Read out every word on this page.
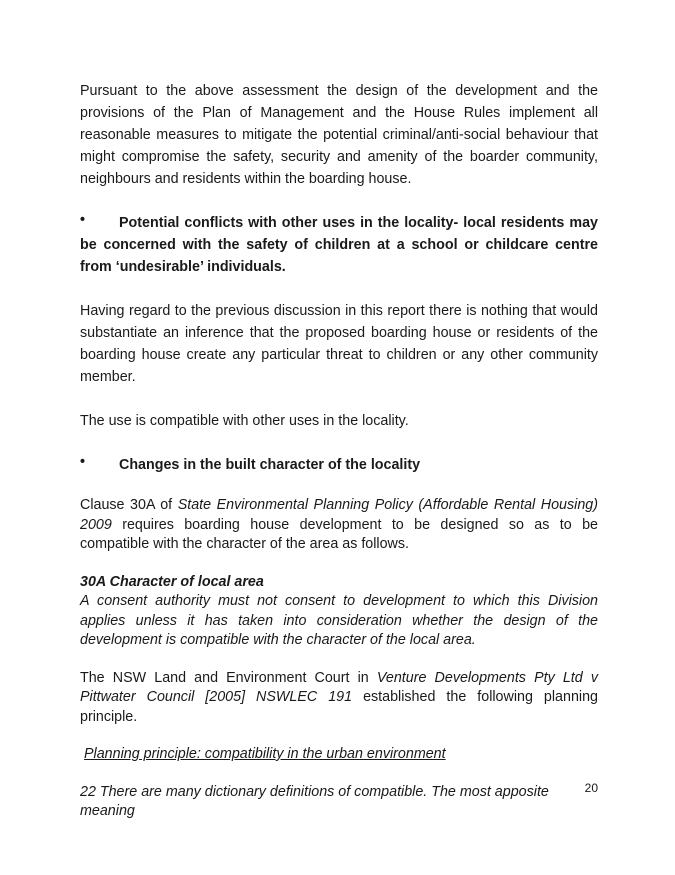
Pursuant to the above assessment the design of the development and the provisions of the Plan of Management and the House Rules implement all reasonable measures to mitigate the potential criminal/anti-social behaviour that might compromise the safety, security and amenity of the boarder community, neighbours and residents within the boarding house.

•	Potential conflicts with other uses in the locality- local residents may be concerned with the safety of children at a school or childcare centre from ‘undesirable’ individuals.

Having regard to the previous discussion in this report there is nothing that would substantiate an inference that the proposed boarding house or residents of the boarding house create any particular threat to children or any other community member.

The use is compatible with other uses in the locality.

•	Changes in the built character of the locality

Clause 30A of State Environmental Planning Policy (Affordable Rental Housing) 2009 requires boarding house development to be designed so as to be compatible with the character of the area as follows.

30A Character of local area

A consent authority must not consent to development to which this Division applies unless it has taken into consideration whether the design of the development is compatible with the character of the local area.

The NSW Land and Environment Court in Venture Developments Pty Ltd v Pittwater Council [2005] NSWLEC 191 established the following planning principle.

Planning principle: compatibility in the urban environment

22 There are many dictionary definitions of compatible. The most apposite meaning

20
